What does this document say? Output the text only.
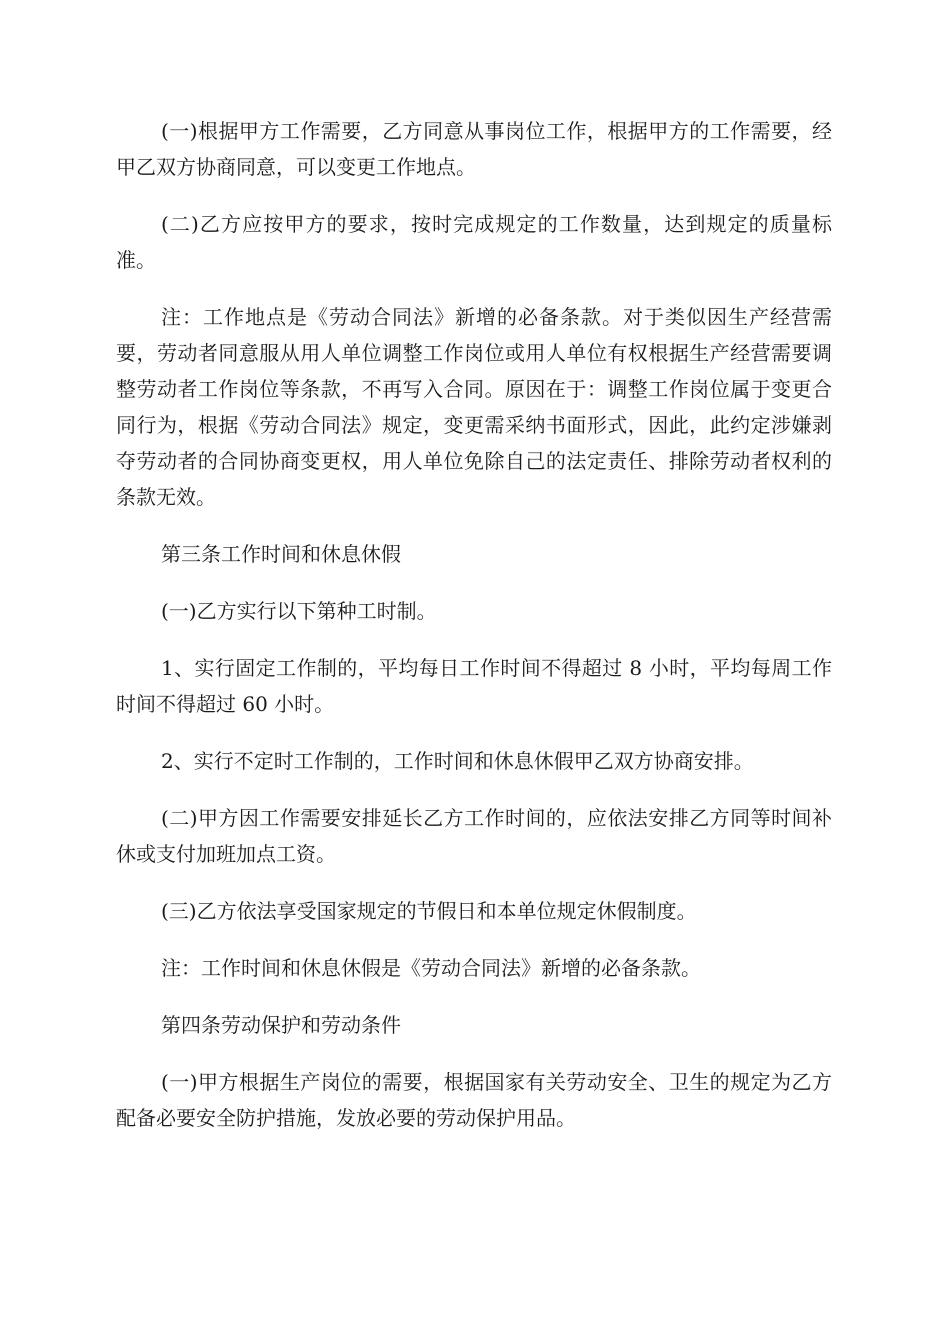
(一)根据甲方工作需要，乙方同意从事岗位工作，根据甲方的工作需要，经甲乙双方协商同意，可以变更工作地点。

(二)乙方应按甲方的要求，按时完成规定的工作数量，达到规定的质量标准。

注：工作地点是《劳动合同法》新增的必备条款。对于类似因生产经营需要，劳动者同意服从用人单位调整工作岗位或用人单位有权根据生产经营需要调整劳动者工作岗位等条款，不再写入合同。原因在于：调整工作岗位属于变更合同行为，根据《劳动合同法》规定，变更需采纳书面形式，因此，此约定涉嫌剥夺劳动者的合同协商变更权，用人单位免除自己的法定责任、排除劳动者权利的条款无效。

第三条工作时间和休息休假

(一)乙方实行以下第种工时制。

1、实行固定工作制的，平均每日工作时间不得超过 8 小时，平均每周工作时间不得超过 60 小时。

2、实行不定时工作制的，工作时间和休息休假甲乙双方协商安排。

(二)甲方因工作需要安排延长乙方工作时间的，应依法安排乙方同等时间补休或支付加班加点工资。

(三)乙方依法享受国家规定的节假日和本单位规定休假制度。

注：工作时间和休息休假是《劳动合同法》新增的必备条款。

第四条劳动保护和劳动条件

(一)甲方根据生产岗位的需要，根据国家有关劳动安全、卫生的规定为乙方配备必要安全防护措施，发放必要的劳动保护用品。
